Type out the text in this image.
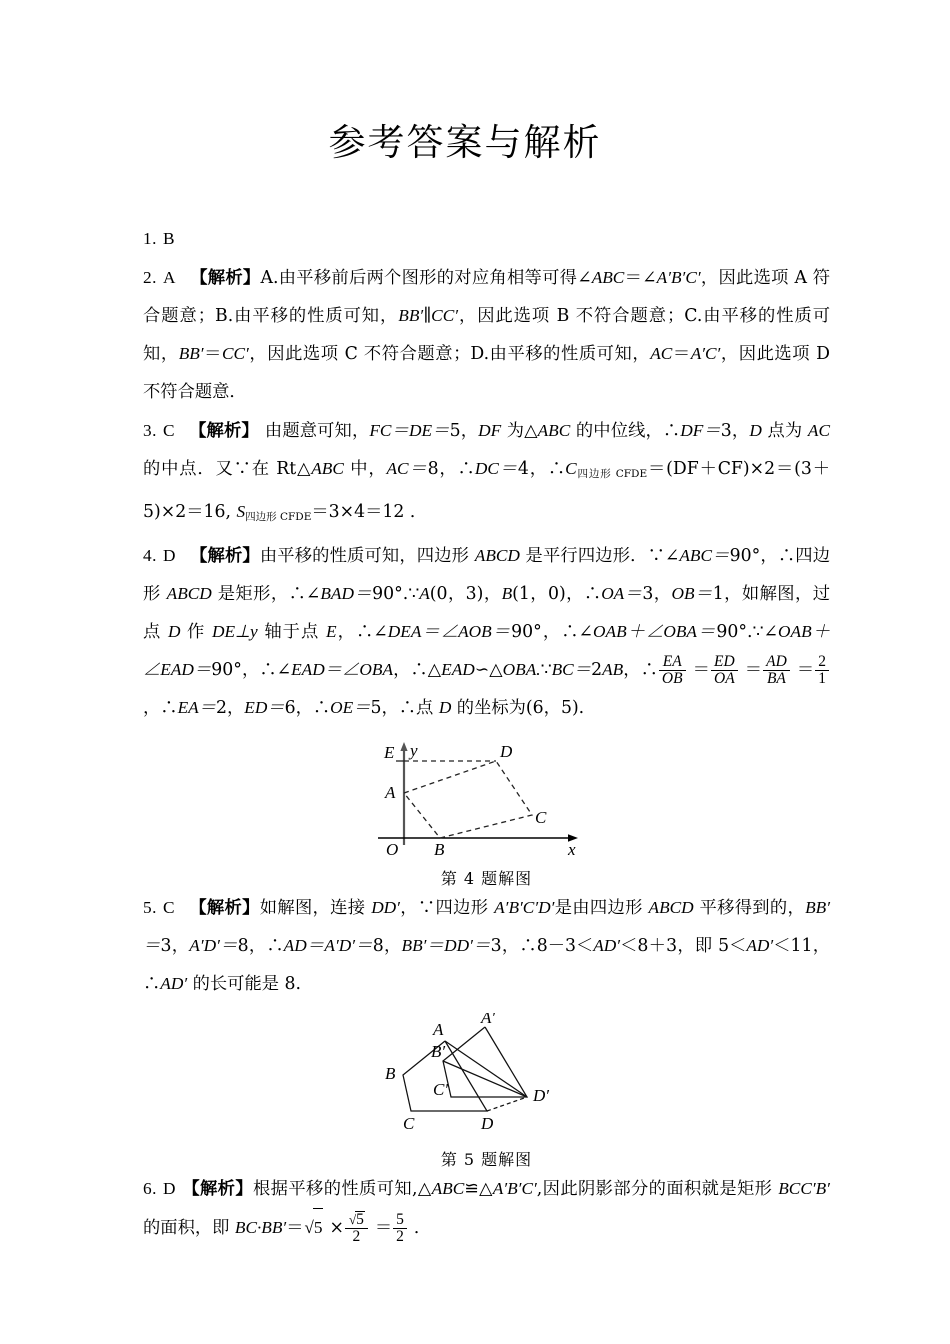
参考答案与解析

1. B

2. A 【解析】A.由平移前后两个图形的对应角相等可得∠ABC＝∠A′B′C′，因此选项 A 符合题意；B.由平移的性质可知，BB′∥CC′，因此选项 B 不符合题意；C.由平移的性质可知，BB′＝CC′，因此选项 C 不符合题意；D.由平移的性质可知，AC＝A′C′，因此选项 D 不符合题意．

3. C 【解析】 由题意可知，FC＝DE＝5，DF 为△ABC 的中位线，∴DF＝3，D 点为 AC 的中点．又∵在 Rt△ABC 中，AC＝8，∴DC＝4，∴C四边形 CFDE＝(DF＋CF)×2＝(3＋5)×2＝16, S四边形 CFDE＝3×4＝12 ．

4. D 【解析】由平移的性质可知，四边形 ABCD 是平行四边形．∵∠ABC＝90°，∴四边形 ABCD 是矩形，∴∠BAD＝90°.∵A(0，3)，B(1，0)，∴OA＝3，OB＝1，如解图，过点 D 作 DE⊥y 轴于点 E，∴∠DEA＝∠AOB＝90°，∴∠OAB＋∠OBA＝90°.∵∠OAB＋∠EAD＝90°，∴∠EAD＝∠OBA，∴△EAD∽△OBA.∵BC＝2AB，∴ $\frac{EA}{OB} = \frac{ED}{OA} = \frac{AD}{BA} = \frac{2}{1}$
，∴EA＝2，ED＝6，∴OE＝5，∴点 D 的坐标为(6，5).

E
A
D
C
B
O
y
x
第 4 题解图

5. C 【解析】如解图，连接 DD′，∵四边形 A′B′C′D′是由四边形 ABCD 平移得到的，BB′＝3，A′D′＝8，∴AD＝A′D′＝8，BB′＝DD′＝3，∴8－3＜AD′＜8＋3，即 5＜AD′＜11，∴AD′ 的长可能是 8.

A
A′
B
B′
C
C′
D
D′
第 5 题解图

6. D 【解析】根据平移的性质可知,△ABC≌△A′B′C′,因此阴影部分的面积就是矩形 BCC′B′ 的面积，即 $BC\cdot BB'=√5 \times \frac{√5}{2} = \frac{5}{2}$ ．
